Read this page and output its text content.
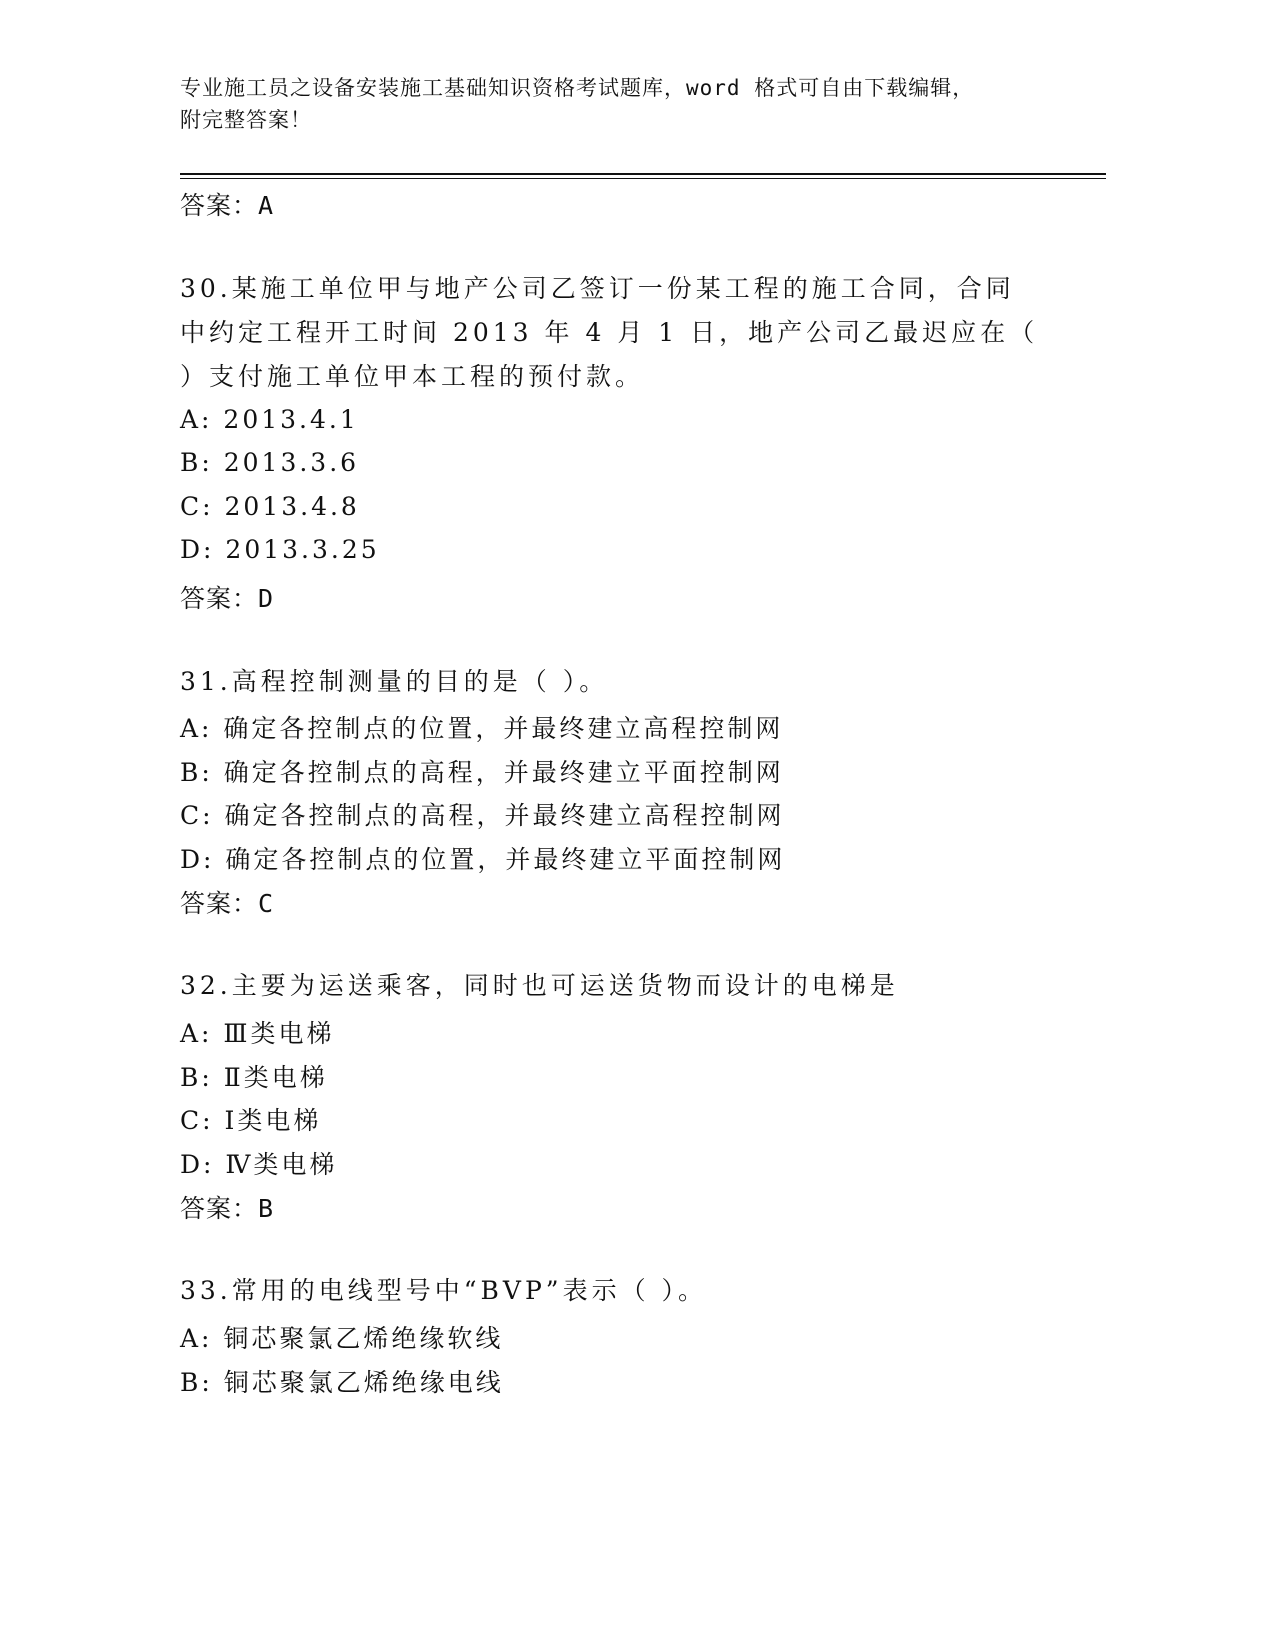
专业施工员之设备安装施工基础知识资格考试题库，word 格式可自由下载编辑，
附完整答案！
答案：A
30.某施工单位甲与地产公司乙签订一份某工程的施工合同，合同中约定工程开工时间 2013 年 4 月 1 日，地产公司乙最迟应在（ ）支付施工单位甲本工程的预付款。
A: 2013.4.1
B: 2013.3.6
C: 2013.4.8
D: 2013.3.25
答案：D
31.高程控制测量的目的是（ ）。
A: 确定各控制点的位置，并最终建立高程控制网
B: 确定各控制点的高程，并最终建立平面控制网
C: 确定各控制点的高程，并最终建立高程控制网
D: 确定各控制点的位置，并最终建立平面控制网
答案：C
32.主要为运送乘客，同时也可运送货物而设计的电梯是
A: Ⅲ类电梯
B: Ⅱ类电梯
C: Ⅰ类电梯
D: Ⅳ类电梯
答案：B
33.常用的电线型号中“BVP”表示（ ）。
A: 铜芯聚氯乙烯绝缘软线
B: 铜芯聚氯乙烯绝缘电线
